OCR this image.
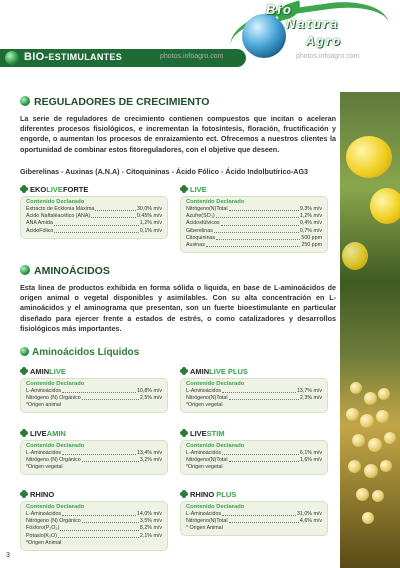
BIO-ESTIMULANTES	photos.infoagro.com	photos.infoagro.com
Bio
Natura
Agro
REGULADORES DE CRECIMIENTO
La serie de reguladores de crecimiento contienen compuestos que incitan o aceleran diferentes procesos fisiológicos, e incrementan la fotosíntesis, floración, fructificación y engorde, o aumentan los procesos de enraizamiento ect. Ofrecemos a nuestros clientes la oportunidad de combinar estos fitoreguladores, con el objetive que deseen.
Giberelinas - Auxinas (A.N.A) - Citoquininas - Ácido Fólico - Ácido Indolbutírico-AG3
AMINOÁCIDOS
Esta linea de productos exhibida en forma sólida o liquida, en base de L-aminoácidos de origen animal o vegetal disponibles y asimilables. Con su alta concentración en L-aminoácidos y el aminograma que presentan, son un fuerte bioestimulante en particular diseñado para ejercer frente a estados de estrés, o como catalizadores y desarrollos fisiológicos más importantes.
Aminoácidos Líquidos
EKOLIVEFORTE
Contenido Declarado
Extracto de Ecklonia Máxima	30,0% m/v
Ácido Naftaléacético (ANA)	0,45% m/v
ANA Amida	1,2% m/v
ÁcidoFólico	0,1% m/v
LIVE
Contenido Declarado
Nitrógeno(N)Total	9,3% m/v
Azufre(SO₃)	1,2% m/v
Ácidosfúlvicos	0,4% m/v
Giberelinas	0,7% m/v
Citoquininas	500 ppm
Auxinas	250 ppm
AMINLIVE
Contenido Declarado
L-Aminoácidos	10,8% m/v
Nitrógeno (N) Orgánico	2,5% m/v
*Origen animal
AMINLIVE PLUS
Contenido Declarado
L-Aminoácidos	13,7% m/v
Nitrógeno(N)Total	2,3% m/v
*Origen vegetal
LIVEAMIN
Contenido Declarado
L-Aminoácidos	13,4% m/v
Nitrógeno (N) Orgánico	3,2% m/v
*Origen vegetal
LIVESTIM
Contenido Declarado
L-Aminoácidos	6,1% m/v
Nitrógeno(N)Total	1,6% m/v
*Origen vegetal
RHINO
Contenido Declarado
L-Aminoácidos	14,0% m/v
Nitrógeno (N) Orgánico	3,5% m/v
Fósforo(P₂O₅)	8,2% m/v
Potasio(K₂O)	2,1% m/v
*Origen Animal
RHINO PLUS
Contenido Declarado
L-Aminoácidos	31,0% m/v
Nitrógeno(N)Total	4,6% m/v
* Origen Animal
3
